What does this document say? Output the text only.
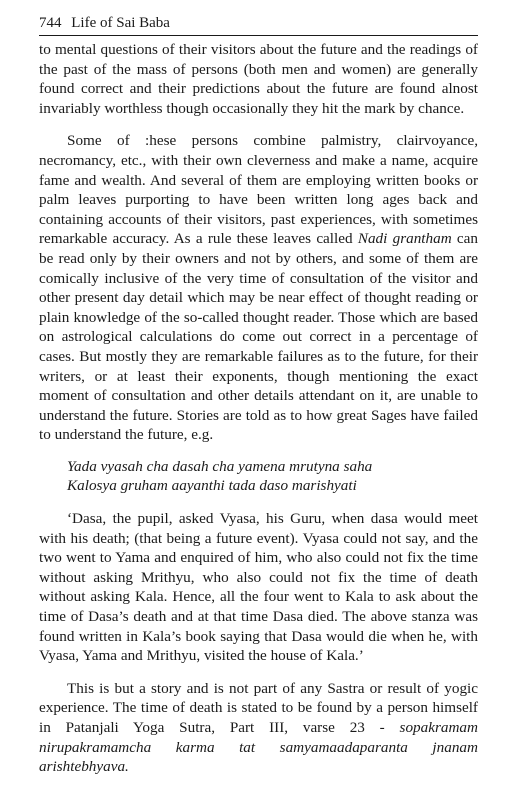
744 Life of Sai Baba

to mental questions of their visitors about the future and the readings of the past of the mass of persons (both men and women) are generally found correct and their predictions about the future are found alnost invariably worthless though occasionally they hit the mark by chance.

Some of :hese persons combine palmistry, clairvoyance, necromancy, etc., with their own cleverness and make a name, acquire fame and wealth. And several of them are employing written books or palm leaves purporting to have been written long ages back and containing accounts of their visitors, past experiences, with sometimes remarkable accuracy. As a rule these leaves called Nadi grantham can be read only by their owners and not by others, and some of them are comically inclusive of the very time of consultation of the visitor and other present day detail which may be near effect of thought reading or plain knowledge of the so-called thought reader. Those which are based on astrological calculations do come out correct in a percentage of cases. But mostly they are remarkable failures as to the future, for their writers, or at least their exponents, though mentioning the exact moment of consultation and other details attendant on it, are unable to understand the future. Stories are told as to how great Sages have failed to understand the future, e.g.

Yada vyasah cha dasah cha yamena mrutyna saha
Kalosya gruham aayanthi tada daso marishyati

‘Dasa, the pupil, asked Vyasa, his Guru, when dasa would meet with his death; (that being a future event). Vyasa could not say, and the two went to Yama and enquired of him, who also could not fix the time without asking Mrithyu, who also could not fix the time of death without asking Kala. Hence, all the four went to Kala to ask about the time of Dasa’s death and at that time Dasa died. The above stanza was found written in Kala’s book saying that Dasa would die when he, with Vyasa, Yama and Mrithyu, visited the house of Kala.’

This is but a story and is not part of any Sastra or result of yogic experience. The time of death is stated to be found by a person himself in Patanjali Yoga Sutra, Part III, varse 23 - sopakramam nirupakramamcha karma tat samyamaadaparanta jnanam arishtebhyava.
